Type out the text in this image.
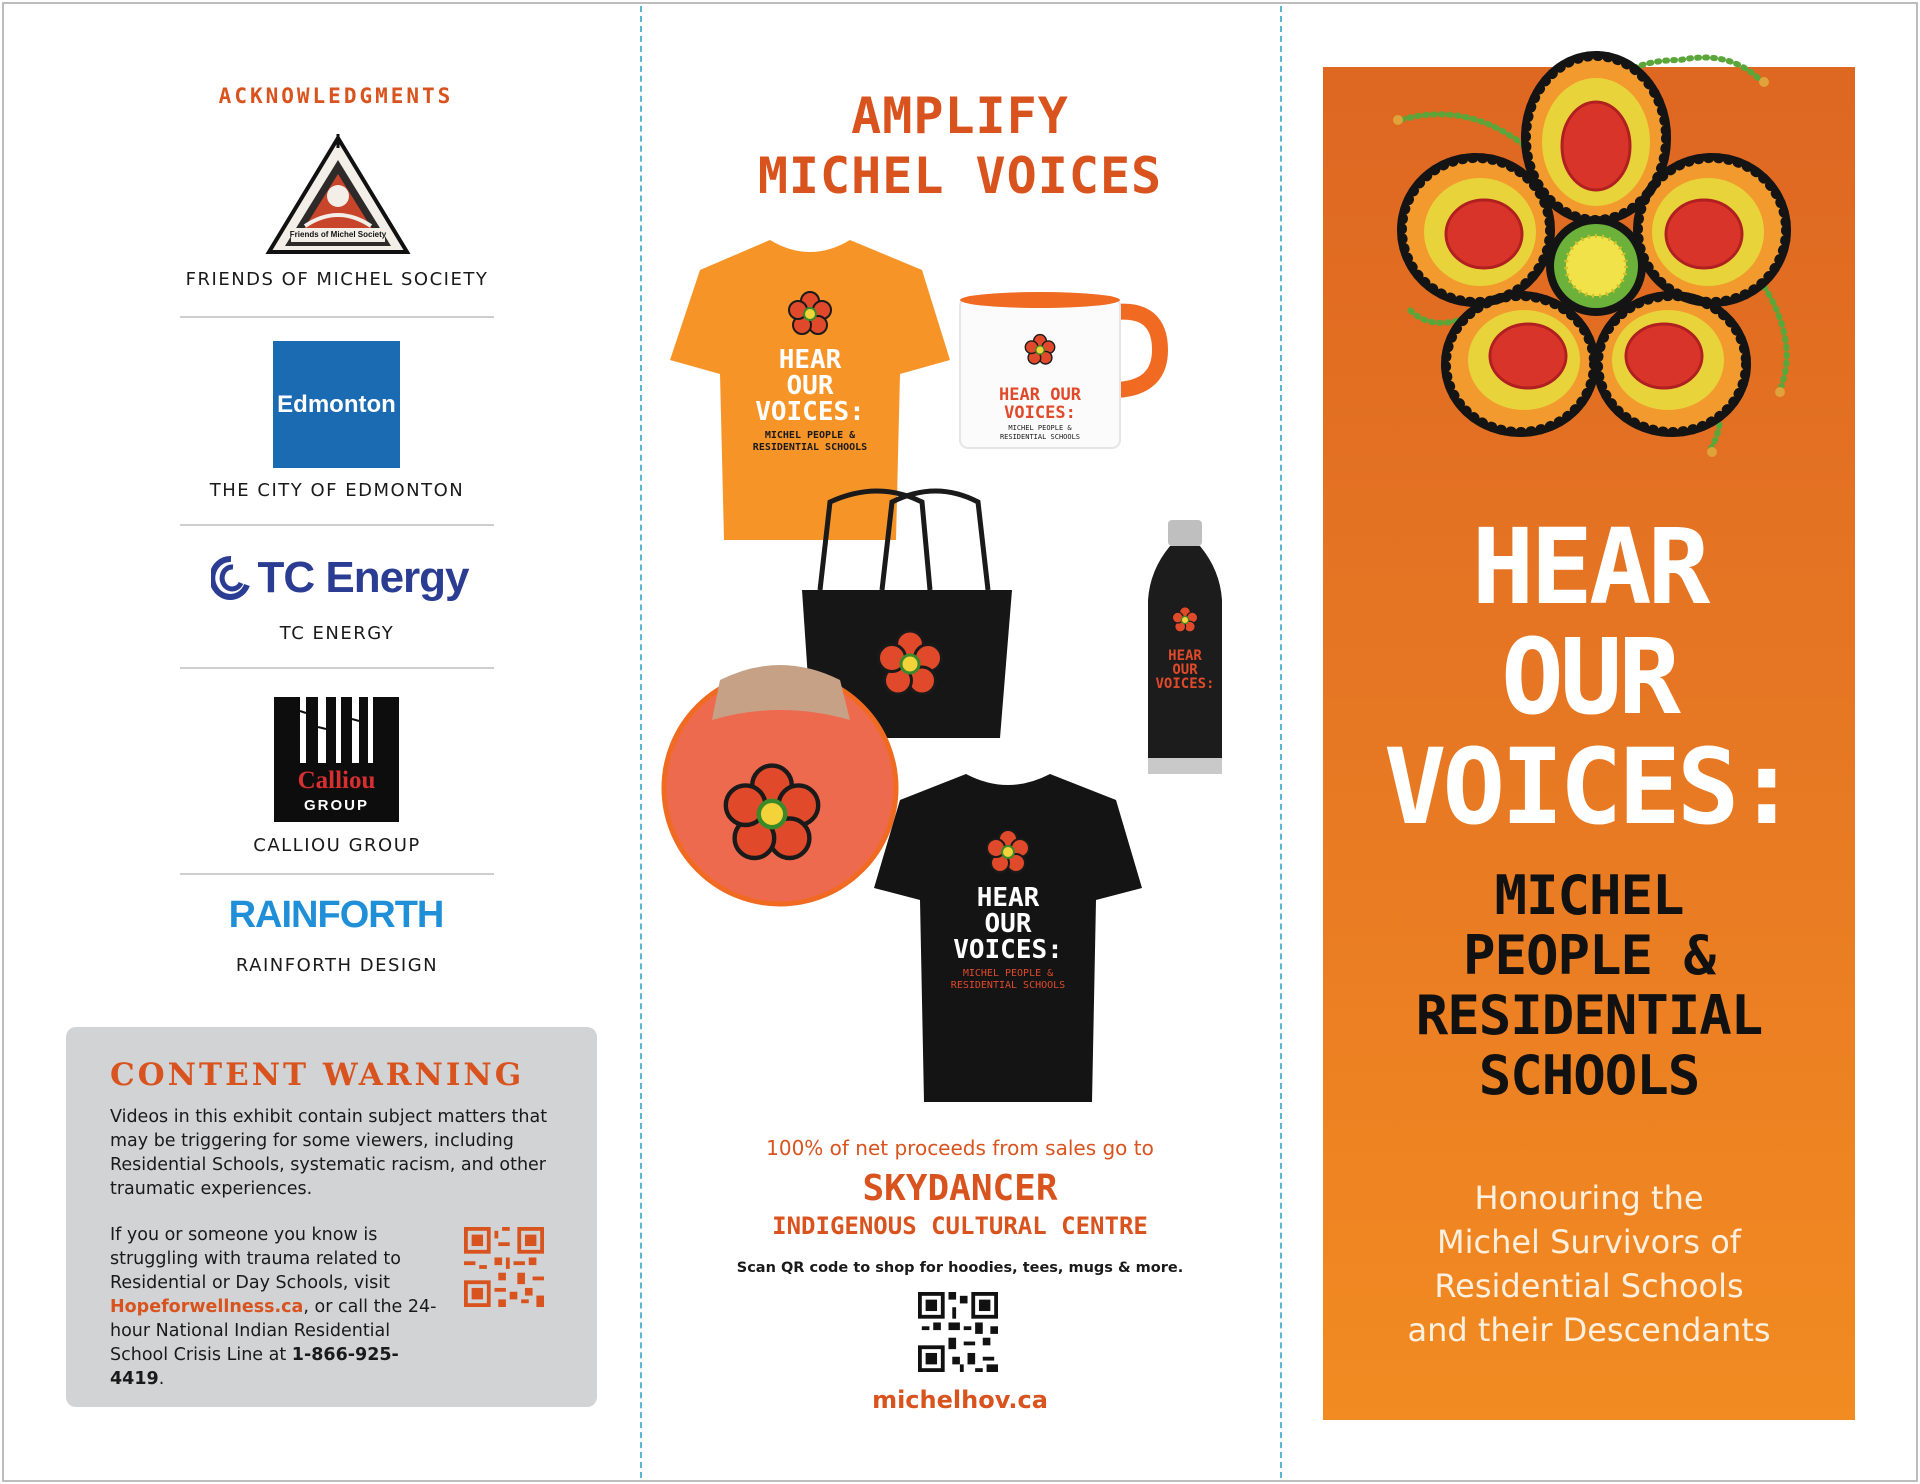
ACKNOWLEDGMENTS
Friends of Michel Society
FRIENDS OF MICHEL SOCIETY
Edmonton
THE CITY OF EDMONTON
TC Energy
TC ENERGY
Calliou
GROUP
CALLIOU GROUP
RAINFORTH
RAINFORTH DESIGN
CONTENT WARNING
Videos in this exhibit contain subject matters that may be triggering for some viewers, including Residential Schools, systematic racism, and other traumatic experiences.
If you or someone you know is struggling with trauma related to Residential or Day Schools, visit Hopeforwellness.ca, or call the 24-hour National Indian Residential School Crisis Line at 1-866-925-4419.
AMPLIFY
MICHEL VOICES
HEAR
OUR
VOICES:
MICHEL PEOPLE &
RESIDENTIAL SCHOOLS
HEAR OUR
VOICES:
MICHEL PEOPLE &
RESIDENTIAL SCHOOLS
HEAR
OUR
VOICES:
HEAR
OUR
VOICES:
MICHEL PEOPLE &
RESIDENTIAL SCHOOLS
100% of net proceeds from sales go to
SKYDANCER
INDIGENOUS CULTURAL CENTRE
Scan QR code to shop for hoodies, tees, mugs & more.
michelhov.ca
HEAR
OUR
VOICES:
MICHEL
PEOPLE &
RESIDENTIAL
SCHOOLS
Honouring the
Michel Survivors of
Residential Schools
and their Descendants
